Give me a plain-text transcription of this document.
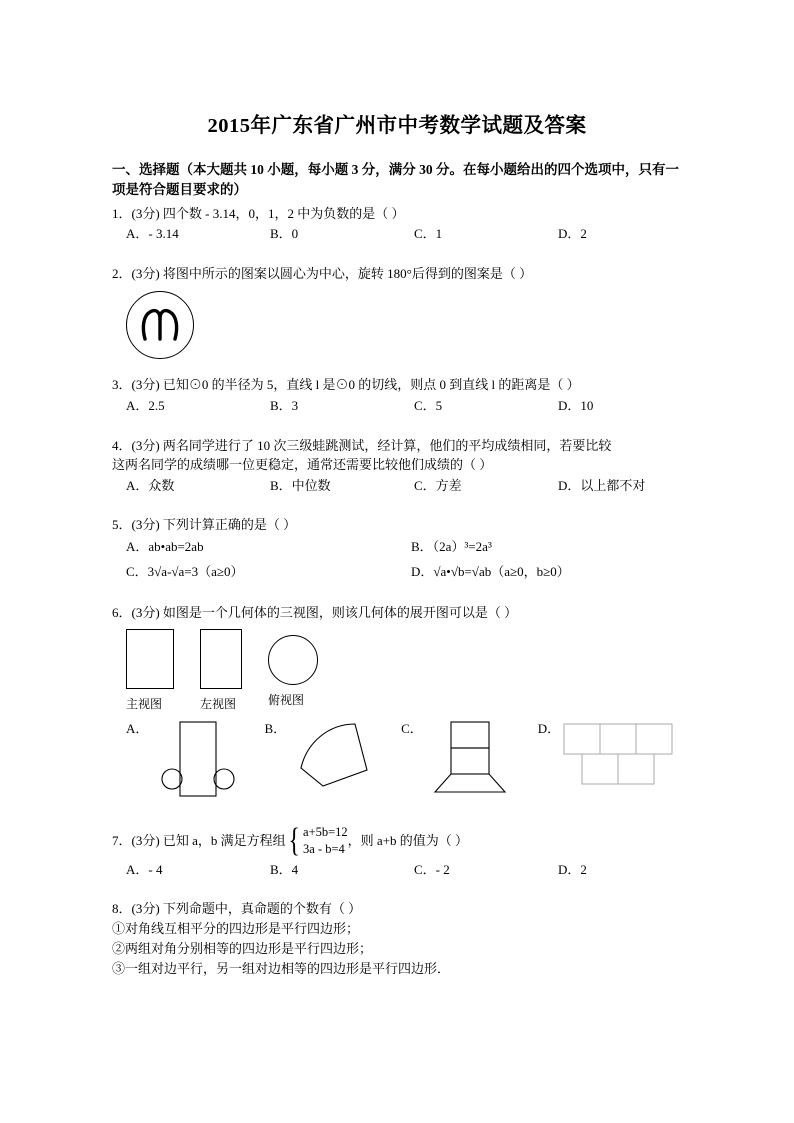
2015年广东省广州市中考数学试题及答案

一、选择题（本大题共 10 小题，每小题 3 分，满分 30 分。在每小题给出的四个选项中，只有一项是符合题目要求的）

1．(3分) 四个数 - 3.14，0，1，2 中为负数的是（ ）

A．- 3.14	B．0	C．1	D．2

2．(3分) 将图中所示的图案以圆心为中心，旋转 180°后得到的图案是（ ）

3．(3分) 已知⊙0 的半径为 5，直线 l 是⊙0 的切线，则点 0 到直线 l 的距离是（ ）

A．2.5	B．3	C．5	D．10

4．(3分) 两名同学进行了 10 次三级蛙跳测试，经计算，他们的平均成绩相同，若要比较

这两名同学的成绩哪一位更稳定，通常还需要比较他们成绩的（ ）

A．众数	B．中位数	C．方差	D．以上都不对

5．(3分) 下列计算正确的是（ ）

A．ab•ab=2ab	B．（2a）³=2a³
C．3√a-√a=3（a≥0）	D．√a•√b=√ab（a≥0，b≥0）

6．(3分) 如图是一个几何体的三视图，则该几何体的展开图可以是（ ）

主视图	左视图	俯视图
A．	B．	C．	D．

7．(3分) 已知 a，b 满足方程组 { a+5b=12
3a - b=4
，则 a+b 的值为（ ）

A．- 4	B．4	C．- 2	D．2

8．(3分) 下列命题中，真命题的个数有（ ）

①对角线互相平分的四边形是平行四边形；

②两组对角分别相等的四边形是平行四边形；

③一组对边平行，另一组对边相等的四边形是平行四边形．
